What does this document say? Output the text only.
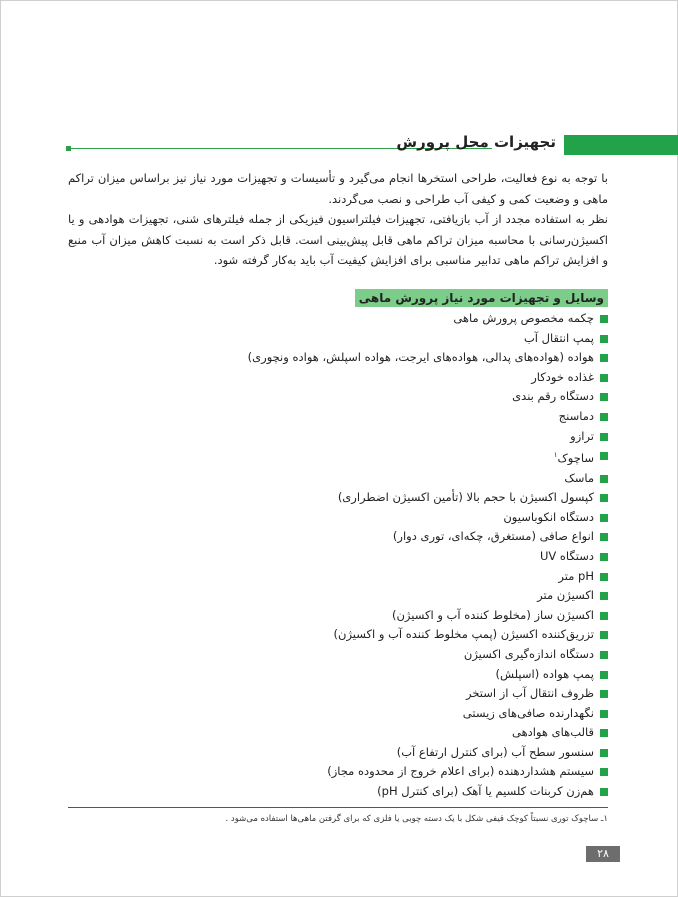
تجهیزات محل پرورش

با توجه به نوع فعالیت، طراحی استخرها انجام می‌گیرد و تأسیسات و تجهیزات مورد نیاز نیز براساس میزان تراکم ماهی و وضعیت کمی و کیفی آب طراحی و نصب می‌گردند.

نظر به استفاده مجدد از آب بازیافتی، تجهیزات فیلتراسیون فیزیکی از جمله فیلترهای شنی، تجهیزات هوادهی و یا اکسیژن‌رسانی با محاسبه میزان تراکم ماهی قابل پیش‌بینی است. قابل ذکر است به نسبت کاهش میزان آب منبع و افزایش تراکم ماهی تدابیر مناسبی برای افزایش کیفیت آب باید به‌کار گرفته شود.

وسایل و تجهیزات مورد نیاز پرورش ماهی
چکمه مخصوص پرورش ماهی
پمپ انتقال آب
هواده (هواده‌های پدالی، هواده‌های ایرجت، هواده اسپلش، هواده ونچوری)
غذاده خودکار
دستگاه رقم بندی
دماسنج
ترازو
ساچوک$^۱$
ماسک
کپسول اکسیژن با حجم بالا (تأمین اکسیژن اضطراری)
دستگاه انکوباسیون
انواع صافی (مستغرق، چکه‌ای، توری دوار)
دستگاه UV
pH متر
اکسیژن متر
اکسیژن ساز (مخلوط کننده آب و اکسیژن)
تزریق‌کننده اکسیژن (پمپ مخلوط کننده آب و اکسیژن)
دستگاه اندازه‌گیری اکسیژن
پمپ هواده (اسپلش)
ظروف انتقال آب از استخر
نگهدارنده صافی‌های زیستی
قالب‌های هوادهی
سنسور سطح آب (برای کنترل ارتفاع آب)
سیستم هشداردهنده (برای اعلام خروج از محدوده مجاز)
هم‌زن کربنات کلسیم یا آهک (برای کنترل pH)
۱ـ ساچوک توری نسبتاً کوچک قیفی شکل با یک دسته چوبی یا فلزی که برای گرفتن ماهی‌ها استفاده می‌شود .
۲۸
